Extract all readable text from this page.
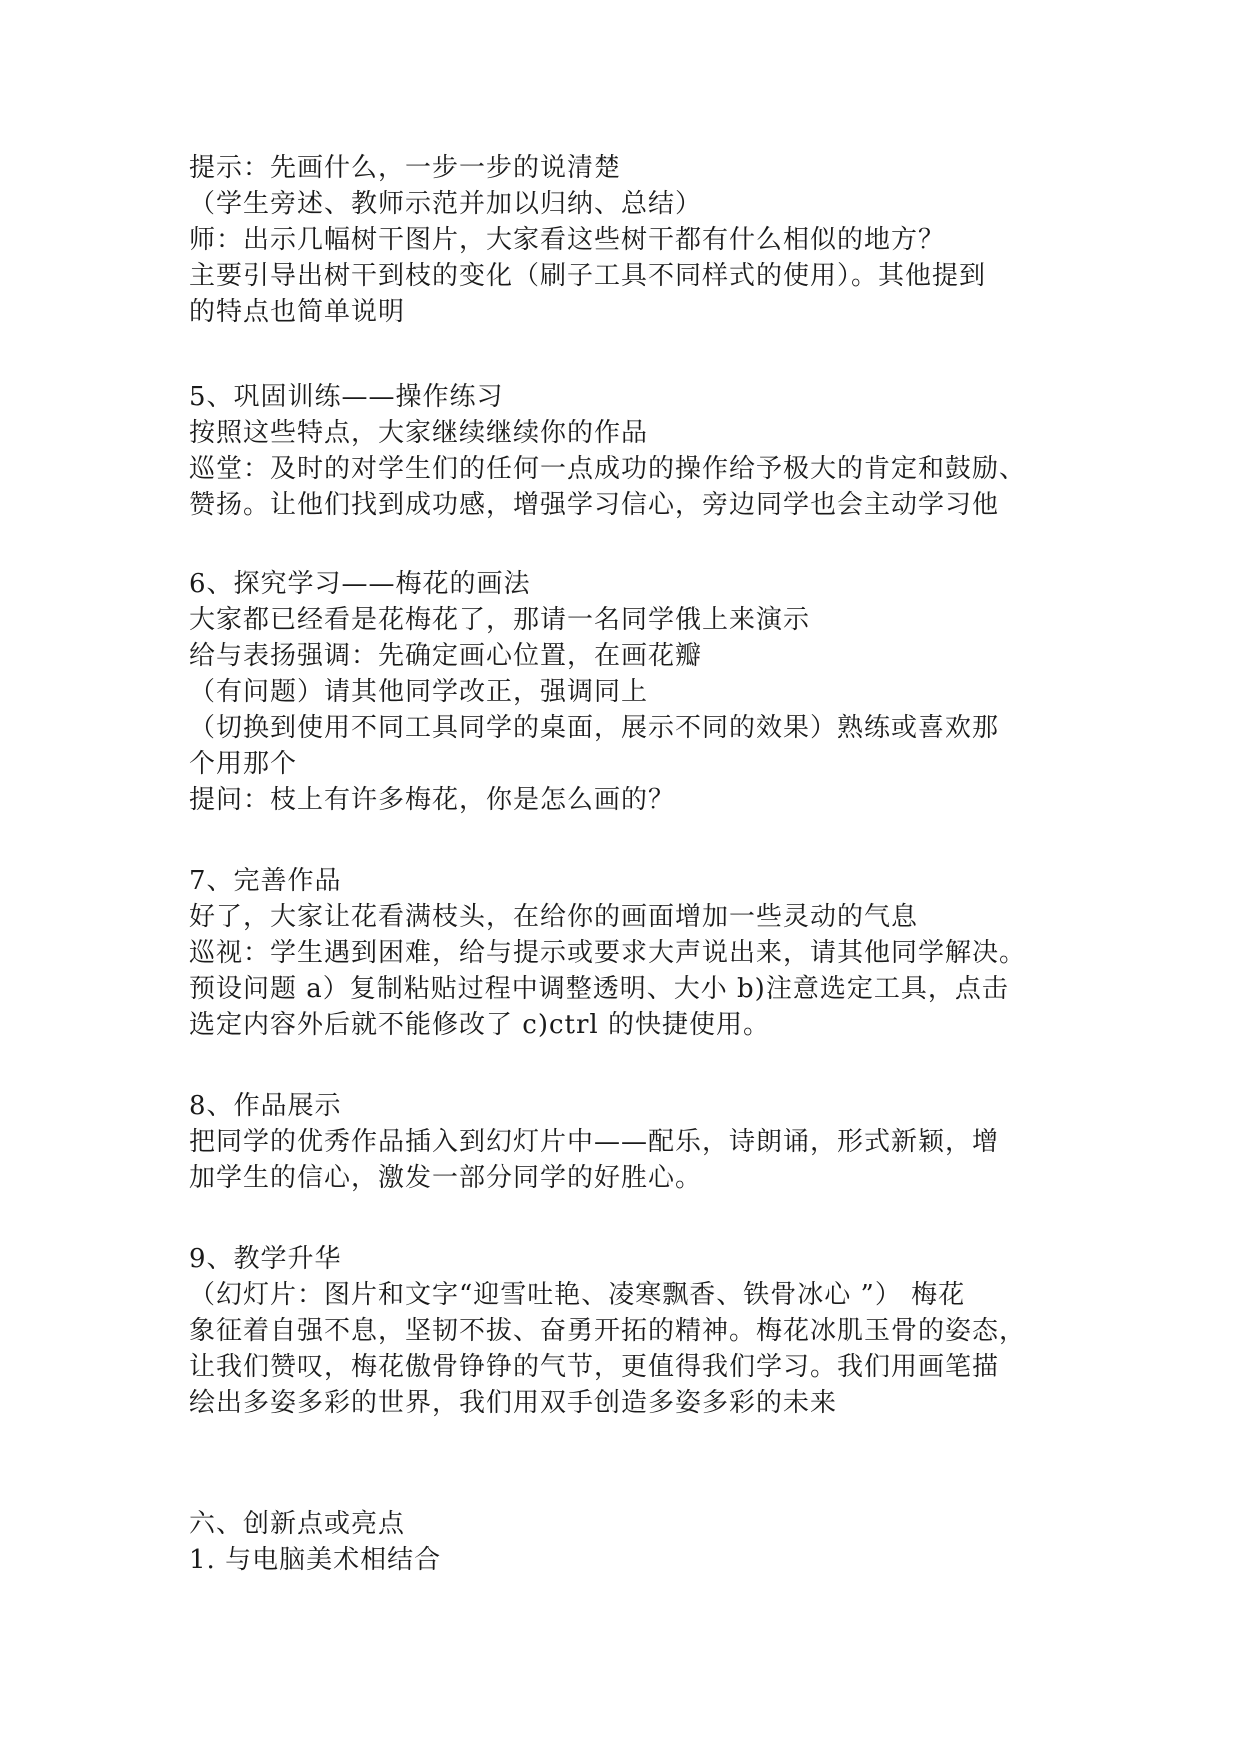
提示：先画什么，一步一步的说清楚

（学生旁述、教师示范并加以归纳、总结）

师：出示几幅树干图片，大家看这些树干都有什么相似的地方？

主要引导出树干到枝的变化（刷子工具不同样式的使用）。其他提到

的特点也简单说明

5、巩固训练——操作练习

按照这些特点，大家继续继续你的作品

巡堂：及时的对学生们的任何一点成功的操作给予极大的肯定和鼓励、

赞扬。让他们找到成功感，增强学习信心，旁边同学也会主动学习他

6、探究学习——梅花的画法

大家都已经看是花梅花了，那请一名同学俄上来演示

给与表扬强调：先确定画心位置，在画花瓣

（有问题）请其他同学改正，强调同上

（切换到使用不同工具同学的桌面，展示不同的效果）熟练或喜欢那

个用那个

提问：枝上有许多梅花，你是怎么画的？

7、完善作品

好了，大家让花看满枝头，在给你的画面增加一些灵动的气息

巡视：学生遇到困难，给与提示或要求大声说出来，请其他同学解决。

预设问题 a）复制粘贴过程中调整透明、大小 b)注意选定工具，点击

选定内容外后就不能修改了 c)ctrl 的快捷使用。

8、作品展示

把同学的优秀作品插入到幻灯片中——配乐，诗朗诵，形式新颖，增

加学生的信心，激发一部分同学的好胜心。

9、教学升华

（幻灯片：图片和文字“迎雪吐艳、凌寒飘香、铁骨冰心 ”） 梅花

象征着自强不息，坚韧不拔、奋勇开拓的精神。梅花冰肌玉骨的姿态，

让我们赞叹，梅花傲骨铮铮的气节，更值得我们学习。我们用画笔描

绘出多姿多彩的世界，我们用双手创造多姿多彩的未来

六、创新点或亮点

1. 与电脑美术相结合
